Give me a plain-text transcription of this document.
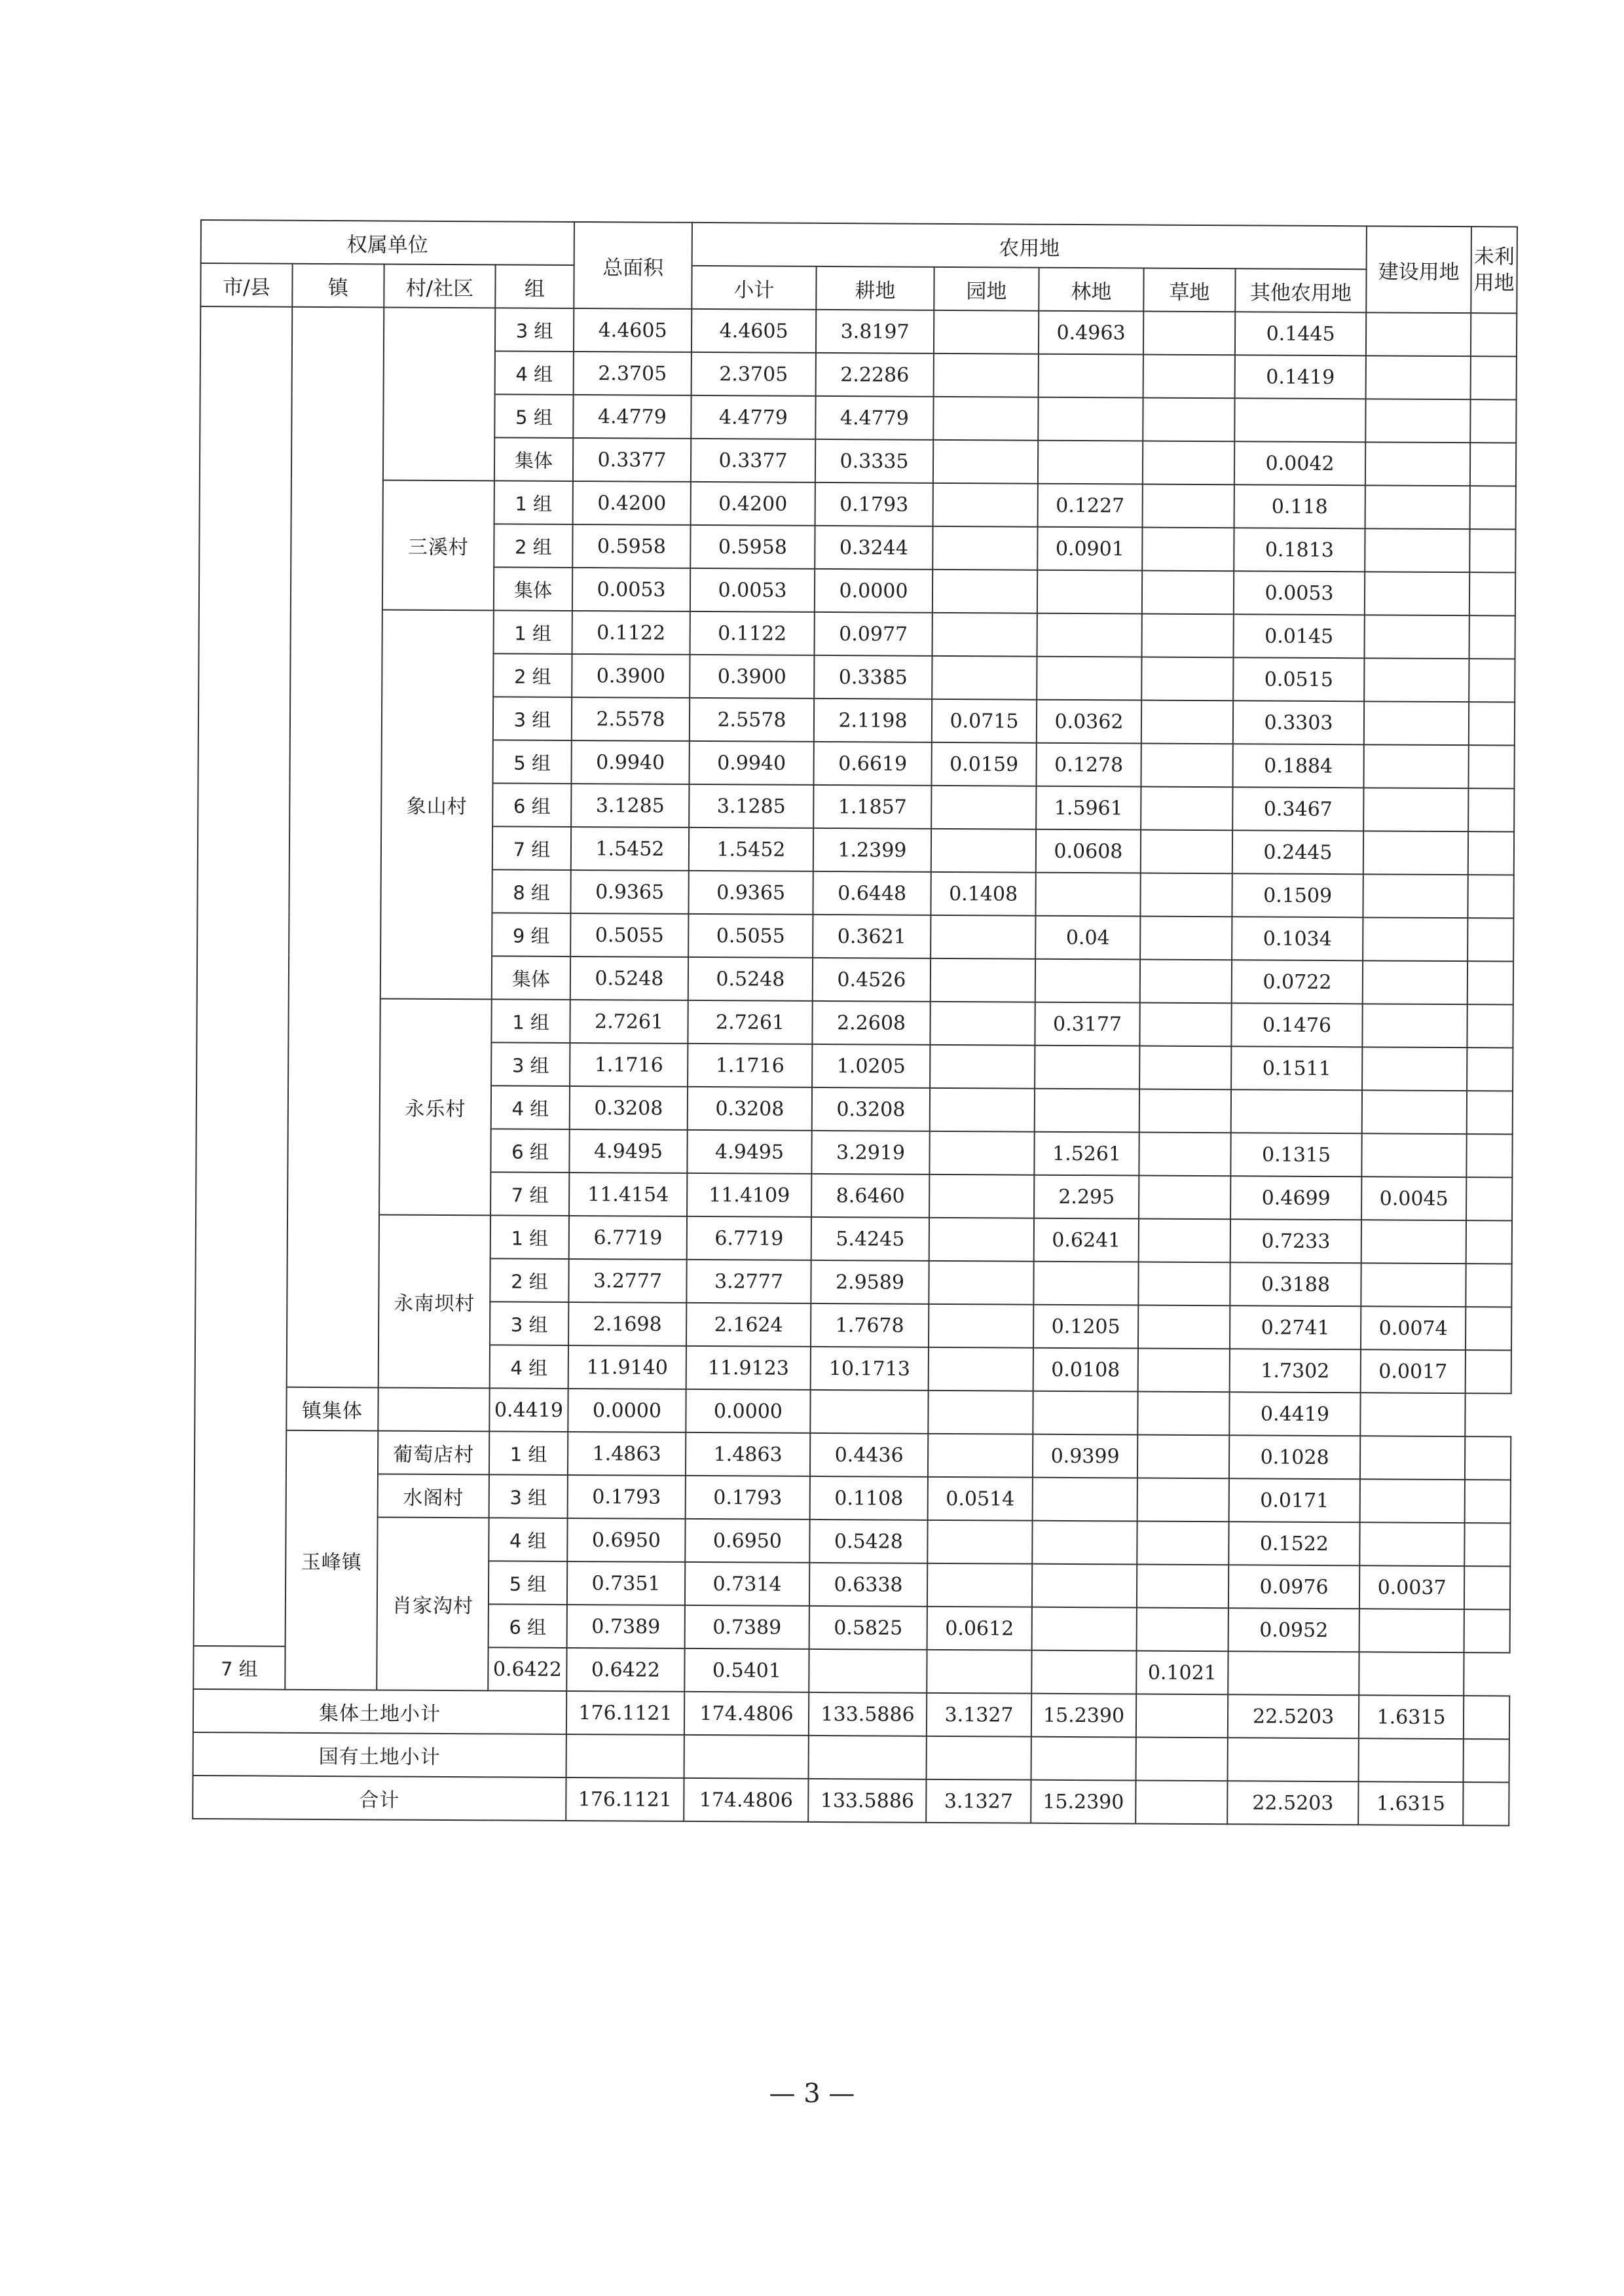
权属单位				总面积	农用地						建设用地	未利用地
市/县	镇	村/社区	组		小计	耕地	园地	林地	草地	其他农用地		
			3 组	4.4605	4.4605	3.8197		0.4963		0.1445		
			4 组	2.3705	2.3705	2.2286				0.1419		
			5 组	4.4779	4.4779	4.4779						
			集体	0.3377	0.3377	0.3335				0.0042		
		三溪村	1 组	0.4200	0.4200	0.1793		0.1227		0.118		
			2 组	0.5958	0.5958	0.3244		0.0901		0.1813		
			集体	0.0053	0.0053	0.0000				0.0053		
		象山村	1 组	0.1122	0.1122	0.0977				0.0145		
			2 组	0.3900	0.3900	0.3385				0.0515		
			3 组	2.5578	2.5578	2.1198	0.0715	0.0362		0.3303		
			5 组	0.9940	0.9940	0.6619	0.0159	0.1278		0.1884		
			6 组	3.1285	3.1285	1.1857		1.5961		0.3467		
			7 组	1.5452	1.5452	1.2399		0.0608		0.2445		
			8 组	0.9365	0.9365	0.6448	0.1408			0.1509		
			9 组	0.5055	0.5055	0.3621		0.04		0.1034		
			集体	0.5248	0.5248	0.4526				0.0722		
		永乐村	1 组	2.7261	2.7261	2.2608		0.3177		0.1476		
			3 组	1.1716	1.1716	1.0205				0.1511		
			4 组	0.3208	0.3208	0.3208						
			6 组	4.9495	4.9495	3.2919		1.5261		0.1315		
			7 组	11.4154	11.4109	8.6460		2.295		0.4699	0.0045	
		永南坝村	1 组	6.7719	6.7719	5.4245		0.6241		0.7233		
			2 组	3.2777	3.2777	2.9589				0.3188		
			3 组	2.1698	2.1624	1.7678		0.1205		0.2741	0.0074	
			4 组	11.9140	11.9123	10.1713		0.0108		1.7302	0.0017	
	镇集体		0.4419	0.0000	0.0000					0.4419		
	玉峰镇	葡萄店村	1 组	1.4863	1.4863	0.4436		0.9399		0.1028		
		水阁村	3 组	0.1793	0.1793	0.1108	0.0514			0.0171		
		肖家沟村	4 组	0.6950	0.6950	0.5428				0.1522		
			5 组	0.7351	0.7314	0.6338				0.0976	0.0037	
			6 组	0.7389	0.7389	0.5825	0.0612			0.0952		
7 组			0.6422	0.6422	0.5401				0.1021			
集体土地小计				176.1121	174.4806	133.5886	3.1327	15.2390		22.5203	1.6315	
国有土地小计												
合计				176.1121	174.4806	133.5886	3.1327	15.2390		22.5203	1.6315	
— 3 —
